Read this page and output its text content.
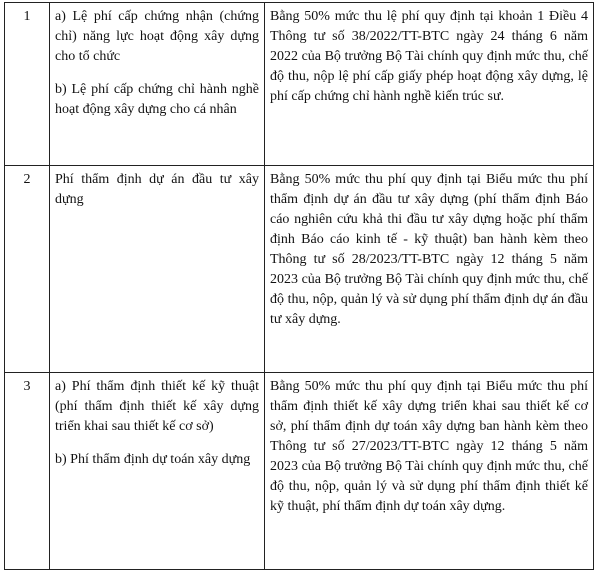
1	a) Lệ phí cấp chứng nhận (chứng chỉ) năng lực hoạt động xây dựng cho tổ chức

b) Lệ phí cấp chứng chỉ hành nghề hoạt động xây dựng cho cá nhân	Bằng 50% mức thu lệ phí quy định tại khoản 1 Điều 4 Thông tư số 38/2022/TT-BTC ngày 24 tháng 6 năm 2022 của Bộ trưởng Bộ Tài chính quy định mức thu, chế độ thu, nộp lệ phí cấp giấy phép hoạt động xây dựng, lệ phí cấp chứng chỉ hành nghề kiến trúc sư.
2	Phí thẩm định dự án đầu tư xây dựng	Bằng 50% mức thu phí quy định tại Biểu mức thu phí thẩm định dự án đầu tư xây dựng (phí thẩm định Báo cáo nghiên cứu khả thi đầu tư xây dựng hoặc phí thẩm định Báo cáo kinh tế - kỹ thuật) ban hành kèm theo Thông tư số 28/2023/TT-BTC ngày 12 tháng 5 năm 2023 của Bộ trưởng Bộ Tài chính quy định mức thu, chế độ thu, nộp, quản lý và sử dụng phí thẩm định dự án đầu tư xây dựng.
3	a) Phí thẩm định thiết kế kỹ thuật (phí thẩm định thiết kế xây dựng triển khai sau thiết kế cơ sở)

b) Phí thẩm định dự toán xây dựng	Bằng 50% mức thu phí quy định tại Biểu mức thu phí thẩm định thiết kế xây dựng triển khai sau thiết kế cơ sở, phí thẩm định dự toán xây dựng ban hành kèm theo Thông tư số 27/2023/TT-BTC ngày 12 tháng 5 năm 2023 của Bộ trưởng Bộ Tài chính quy định mức thu, chế độ thu, nộp, quản lý và sử dụng phí thẩm định thiết kế kỹ thuật, phí thẩm định dự toán xây dựng.
